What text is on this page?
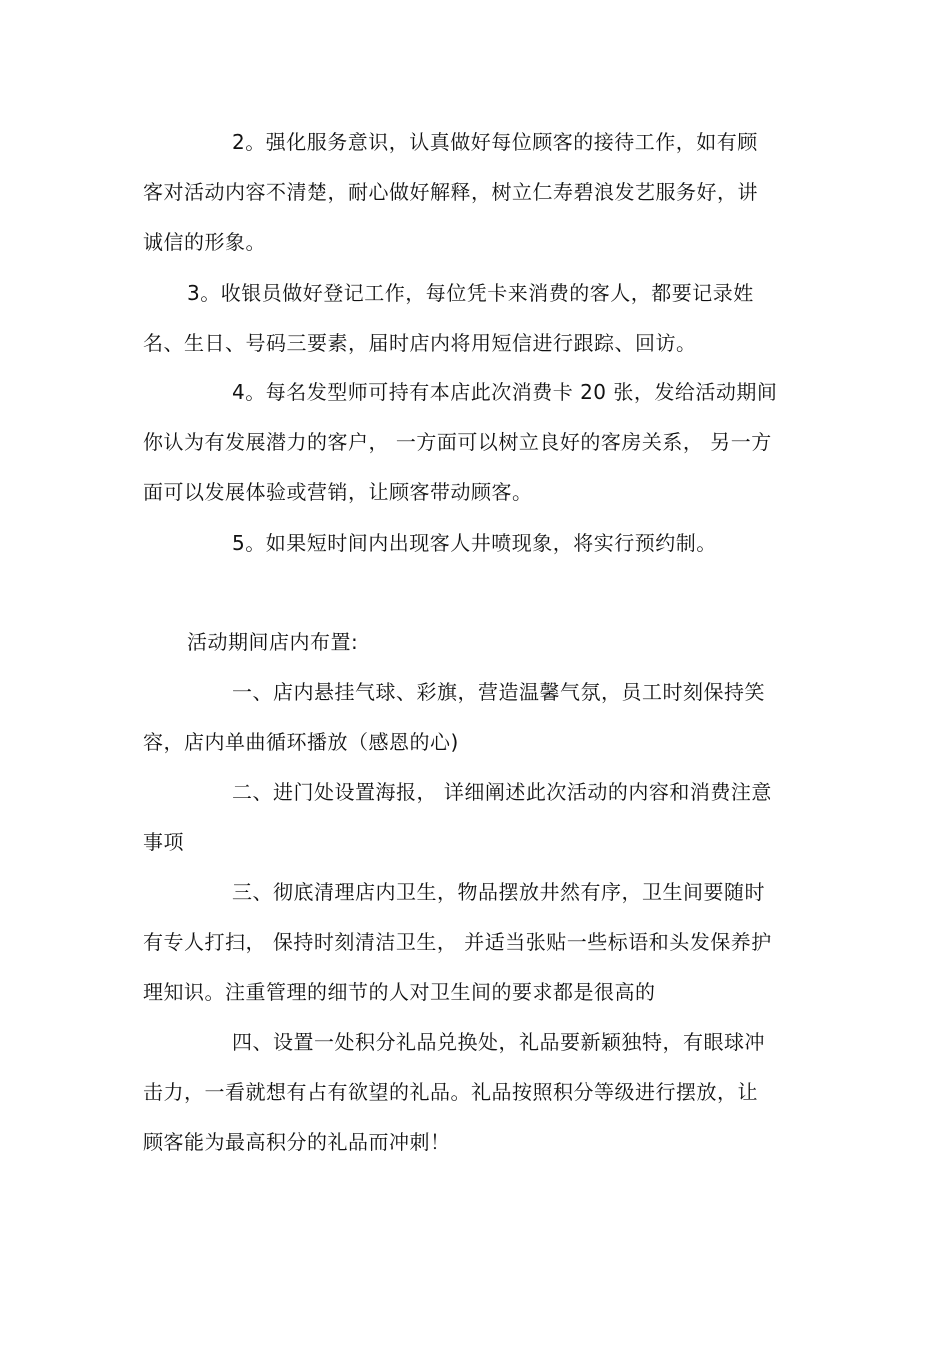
2。强化服务意识，认真做好每位顾客的接待工作，如有顾
客对活动内容不清楚，耐心做好解释，树立仁寿碧浪发艺服务好，讲
诚信的形象。
3。收银员做好登记工作，每位凭卡来消费的客人，都要记录姓
名、生日、号码三要素，届时店内将用短信进行跟踪、回访。
4。每名发型师可持有本店此次消费卡 20 张，发给活动期间
你认为有发展潜力的客户， 一方面可以树立良好的客房关系， 另一方
面可以发展体验或营销，让顾客带动顾客。
5。如果短时间内出现客人井喷现象，将实行预约制。
活动期间店内布置:
一、店内悬挂气球、彩旗，营造温馨气氛，员工时刻保持笑
容，店内单曲循环播放（感恩的心)
二、进门处设置海报， 详细阐述此次活动的内容和消费注意
事项
三、彻底清理店内卫生，物品摆放井然有序，卫生间要随时
有专人打扫， 保持时刻清洁卫生， 并适当张贴一些标语和头发保养护
理知识。注重管理的细节的人对卫生间的要求都是很高的
四、设置一处积分礼品兑换处，礼品要新颖独特，有眼球冲
击力，一看就想有占有欲望的礼品。礼品按照积分等级进行摆放，让
顾客能为最高积分的礼品而冲刺！
